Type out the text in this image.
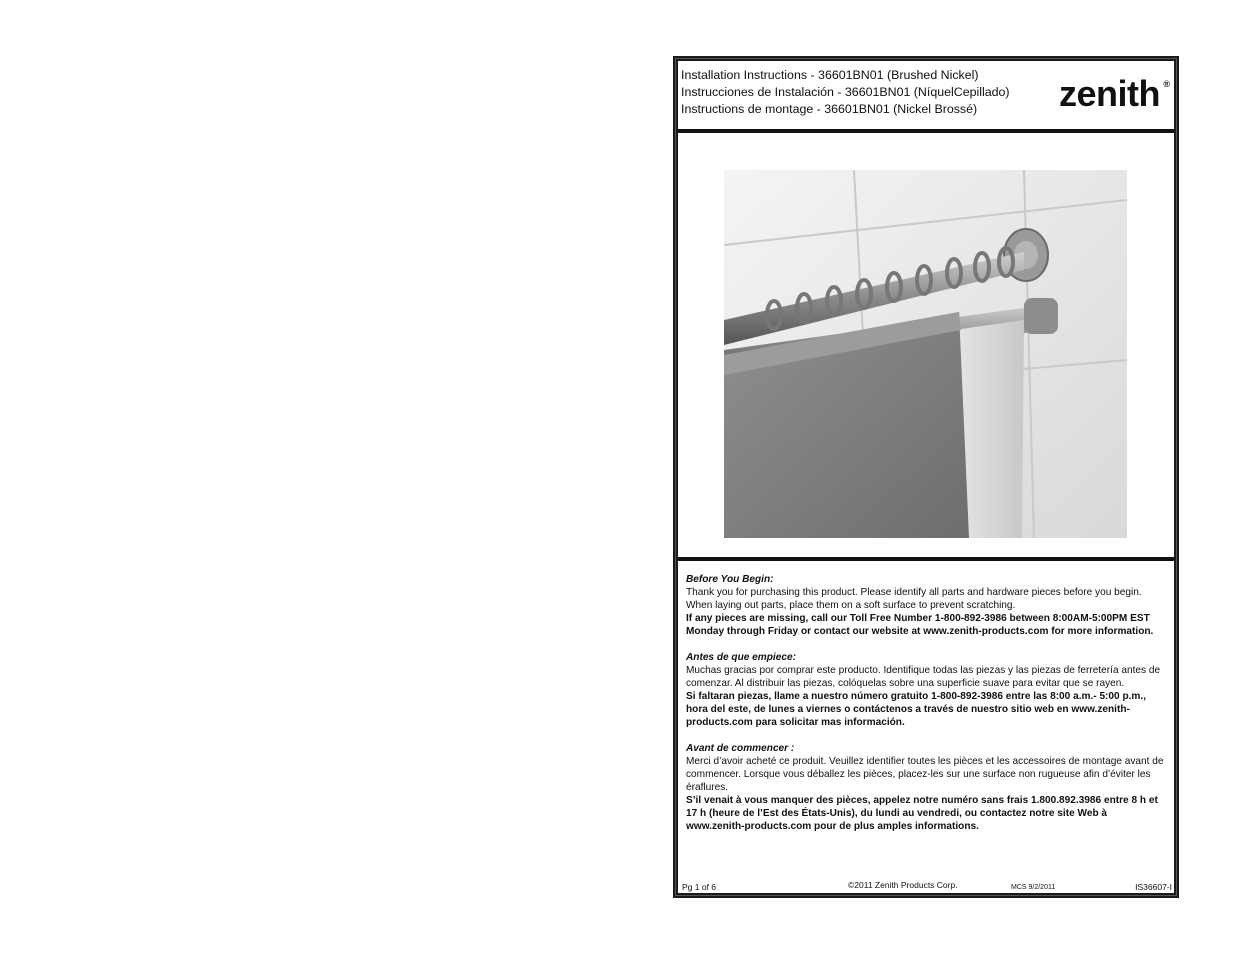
Installation Instructions - 36601BN01 (Brushed Nickel)
Instrucciones de Instalación - 36601BN01 (NíquelCepillado)
Instructions de montage - 36601BN01 (Nickel Brossé)	zenith ®
Before You Begin:
Thank you for purchasing this product. Please identify all parts and hardware pieces before you begin. When laying out parts, place them on a soft surface to prevent scratching.
If any pieces are missing, call our Toll Free Number 1-800-892-3986 between 8:00AM-5:00PM EST Monday through Friday or contact our website at www.zenith-products.com for more information.
Antes de que empiece:
Muchas gracias por comprar este producto. Identifique todas las piezas y las piezas de ferretería antes de comenzar. Al distribuir las piezas, colóquelas sobre una superficie suave para evitar que se rayen.
Si faltaran piezas, llame a nuestro número gratuito 1-800-892-3986 entre las 8:00 a.m.- 5:00 p.m., hora del este, de lunes a viernes o contáctenos a través de nuestro sitio web en www.zenith-products.com para solicitar mas información.
Avant de commencer :
Merci d’avoir acheté ce produit. Veuillez identifier toutes les pièces et les accessoires de montage avant de commencer. Lorsque vous déballez les pièces, placez-les sur une surface non rugueuse afin d’éviter les éraflures.
S’il venait à vous manquer des pièces, appelez notre numéro sans frais 1.800.892.3986 entre 8 h et 17 h (heure de l’Est des États-Unis), du lundi au vendredi, ou contactez notre site Web à www.zenith-products.com pour de plus amples informations.
Pg 1 of 6	©2011 Zenith Products Corp.	MCS 9/2/2011	IS36607-I
